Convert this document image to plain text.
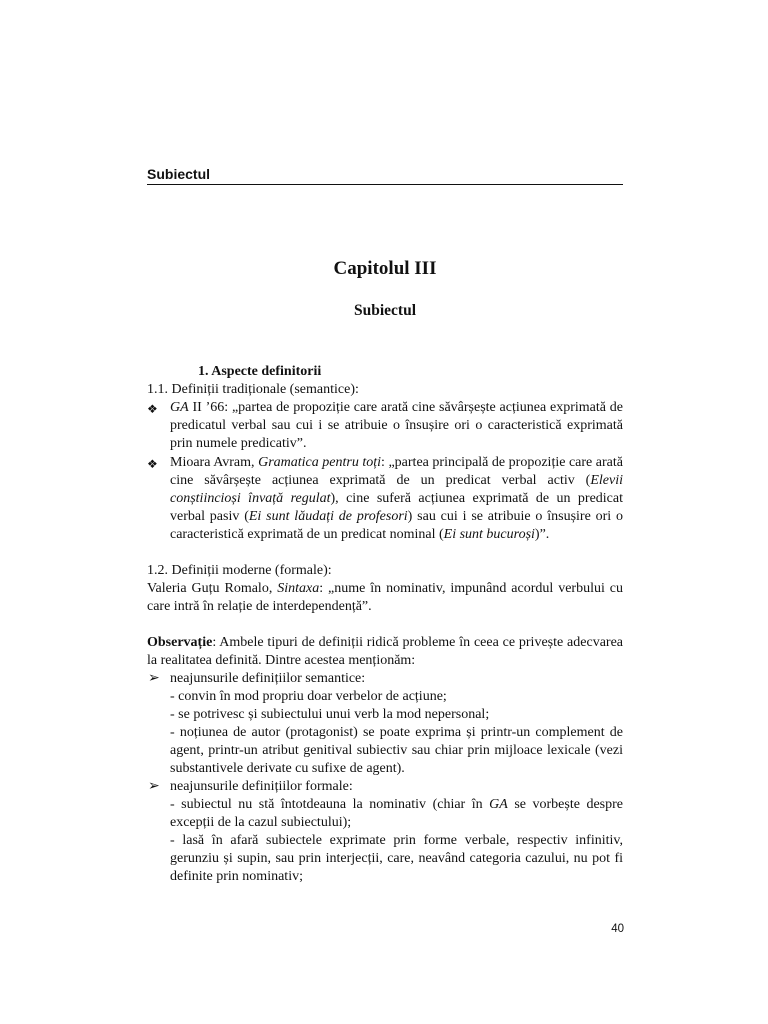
Subiectul
Capitolul III
Subiectul
1. Aspecte definitorii
1.1. Definiții tradiționale (semantice):
❖ GA II ’66: „partea de propoziție care arată cine săvârșește acțiunea exprimată de predicatul verbal sau cui i se atribuie o însușire ori o caracteristică exprimată prin numele predicativ”.
❖ Mioara Avram, Gramatica pentru toți: „partea principală de propoziție care arată cine săvârșește acțiunea exprimată de un predicat verbal activ (Elevii conștiincioși învață regulat), cine suferă acțiunea exprimată de un predicat verbal pasiv (Ei sunt lăudați de profesori) sau cui i se atribuie o însușire ori o caracteristică exprimată de un predicat nominal (Ei sunt bucuroși)”.
1.2. Definiții moderne (formale):
Valeria Guțu Romalo, Sintaxa: „nume în nominativ, impunând acordul verbului cu care intră în relație de interdependență”.
Observație: Ambele tipuri de definiții ridică probleme în ceea ce privește adecvarea la realitatea definită. Dintre acestea menționăm:
➢ neajunsurile definițiilor semantice:
- convin în mod propriu doar verbelor de acțiune;
- se potrivesc și subiectului unui verb la mod nepersonal;
- noțiunea de autor (protagonist) se poate exprima și printr-un complement de agent, printr-un atribut genitival subiectiv sau chiar prin mijloace lexicale (vezi substantivele derivate cu sufixe de agent).
➢ neajunsurile definițiilor formale:
- subiectul nu stă întotdeauna la nominativ (chiar în GA se vorbește despre excepții de la cazul subiectului);
- lasă în afară subiectele exprimate prin forme verbale, respectiv infinitiv, gerunziu și supin, sau prin interjecții, care, neavând categoria cazului, nu pot fi definite prin nominativ;
40
